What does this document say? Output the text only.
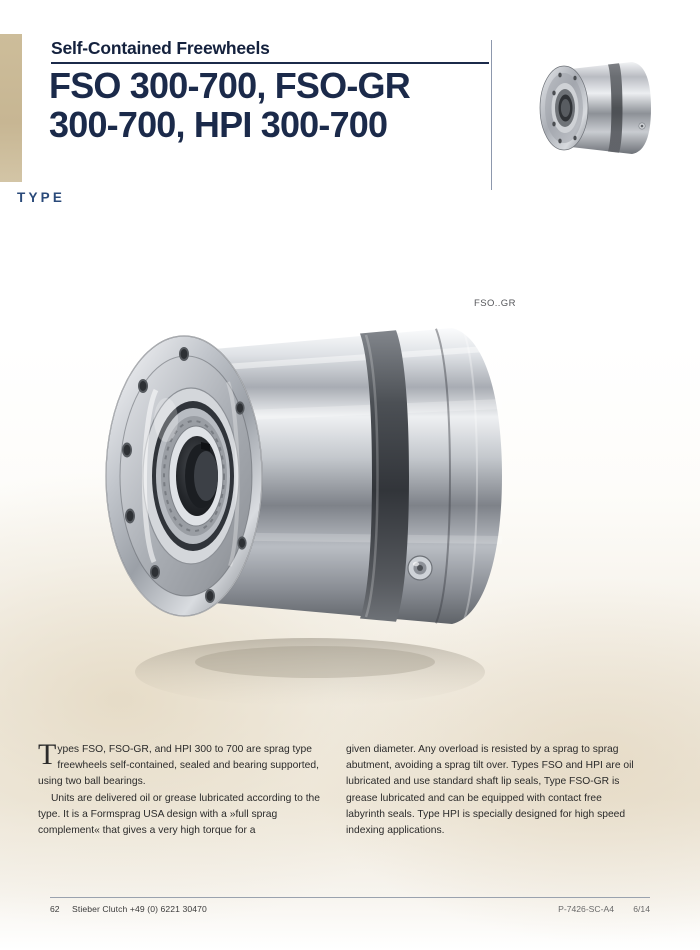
Self-Contained Freewheels
FSO 300-700, FSO-GR
300-700, HPI 300-700
TYPE
FSO..GR

Types FSO, FSO-GR, and HPI 300 to 700 are sprag type freewheels self-contained, sealed and bearing supported, using two ball bearings.

Units are delivered oil or grease lubricated according to the type. It is a Formsprag USA design with a »full sprag complement« that gives a very high torque for a

given diameter. Any overload is resisted by a sprag to sprag abutment, avoiding a sprag tilt over. Types FSO and HPI are oil lubricated and use standard shaft lip seals, Type FSO-GR is grease lubricated and can be equipped with contact free labyrinth seals. Type HPI is specially designed for high speed indexing applications.

62 Stieber Clutch +49 (0) 6221 30470	P-7426-SC-A4 6/14
